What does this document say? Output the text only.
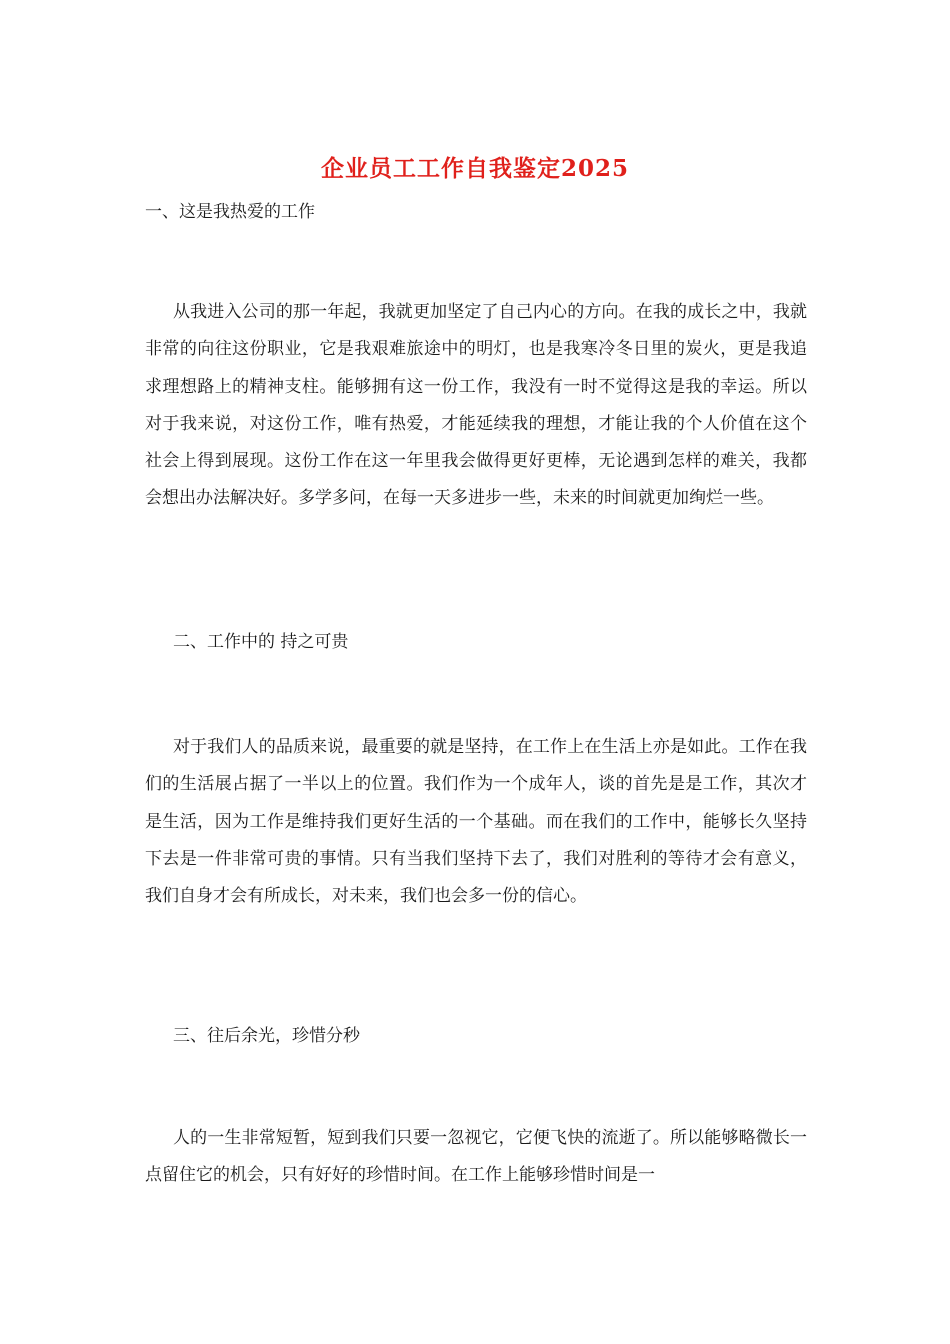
企业员工工作自我鉴定2025

一、这是我热爱的工作

从我进入公司的那一年起，我就更加坚定了自己内心的方向。在我的成长之中，我就非常的向往这份职业，它是我艰难旅途中的明灯，也是我寒冷冬日里的炭火，更是我追求理想路上的精神支柱。能够拥有这一份工作，我没有一时不觉得这是我的幸运。所以对于我来说，对这份工作，唯有热爱，才能延续我的理想，才能让我的个人价值在这个社会上得到展现。这份工作在这一年里我会做得更好更棒，无论遇到怎样的难关，我都会想出办法解决好。多学多问，在每一天多进步一些，未来的时间就更加绚烂一些。

二、工作中的 持之可贵

对于我们人的品质来说，最重要的就是坚持，在工作上在生活上亦是如此。工作在我们的生活展占据了一半以上的位置。我们作为一个成年人，谈的首先是是工作，其次才是生活，因为工作是维持我们更好生活的一个基础。而在我们的工作中，能够长久坚持下去是一件非常可贵的事情。只有当我们坚持下去了，我们对胜利的等待才会有意义，我们自身才会有所成长，对未来，我们也会多一份的信心。

三、往后余光，珍惜分秒

人的一生非常短暂，短到我们只要一忽视它，它便飞快的流逝了。所以能够略微长一点留住它的机会，只有好好的珍惜时间。在工作上能够珍惜时间是一
